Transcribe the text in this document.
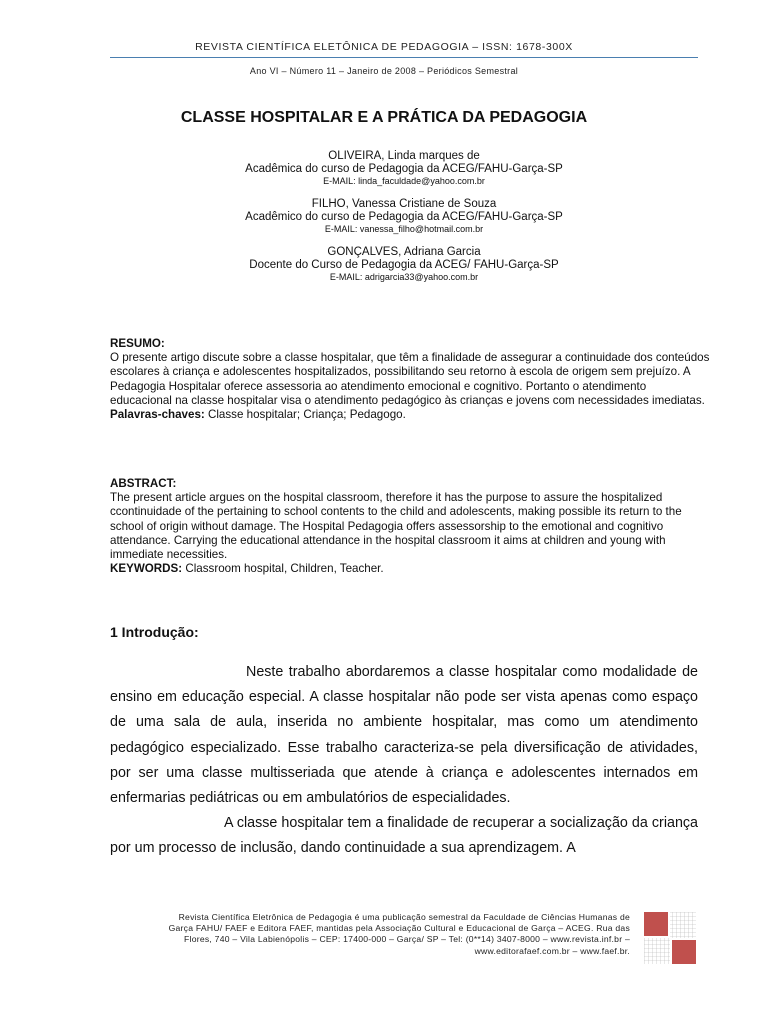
REVISTA CIENTÍFICA ELETÔNICA DE PEDAGOGIA – ISSN: 1678-300X
Ano VI – Número 11 – Janeiro de 2008 – Periódicos Semestral
CLASSE HOSPITALAR E A PRÁTICA DA PEDAGOGIA
OLIVEIRA, Linda marques de
Acadêmica do curso de Pedagogia da ACEG/FAHU-Garça-SP
E-MAIL: linda_faculdade@yahoo.com.br
FILHO, Vanessa Cristiane de Souza
Acadêmico do curso de Pedagogia da ACEG/FAHU-Garça-SP
E-MAIL: vanessa_filho@hotmail.com.br
GONÇALVES, Adriana Garcia
Docente do Curso de Pedagogia da ACEG/ FAHU-Garça-SP
E-MAIL: adrigarcia33@yahoo.com.br
RESUMO:

O presente artigo discute sobre a classe hospitalar, que têm a finalidade de assegurar a continuidade dos conteúdos escolares à criança e adolescentes hospitalizados, possibilitando seu retorno à escola de origem sem prejuízo. A Pedagogia Hospitalar oferece assessoria ao atendimento emocional e cognitivo. Portanto o atendimento educacional na classe hospitalar visa o atendimento pedagógico às crianças e jovens com necessidades imediatas.

Palavras-chaves: Classe hospitalar; Criança; Pedagogo.

ABSTRACT:

The present article argues on the hospital classroom, therefore it has the purpose to assure the hospitalized ccontinuidade of the pertaining to school contents to the child and adolescents, making possible its return to the school of origin without damage. The Hospital Pedagogia offers assessorship to the emotional and cognitivo attendance. Carrying the educational attendance in the hospital classroom it aims at children and young with immediate necessities.

KEYWORDS: Classroom hospital, Children, Teacher.

1 Introdução:

Neste trabalho abordaremos a classe hospitalar como modalidade de ensino em educação especial. A classe hospitalar não pode ser vista apenas como espaço de uma sala de aula, inserida no ambiente hospitalar, mas como um atendimento pedagógico especializado. Esse trabalho caracteriza-se pela diversificação de atividades, por ser uma classe multisseriada que atende à criança e adolescentes internados em enfermarias pediátricas ou em ambulatórios de especialidades.

A classe hospitalar tem a finalidade de recuperar a socialização da criança por um processo de inclusão, dando continuidade a sua aprendizagem. A

Revista Científica Eletrônica de Pedagogia é uma publicação semestral da Faculdade de Ciências Humanas de
Garça FAHU/ FAEF e Editora FAEF, mantidas pela Associação Cultural e Educacional de Garça – ACEG. Rua das
Flores, 740 – Vila Labienópolis – CEP: 17400-000 – Garça/ SP – Tel: (0**14) 3407-8000 – www.revista.inf.br –
www.editorafaef.com.br – www.faef.br.
